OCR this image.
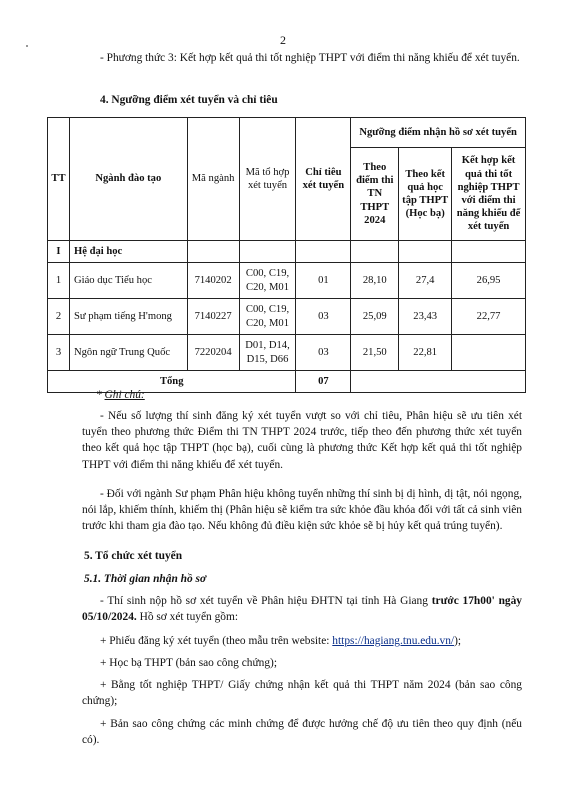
2

- Phương thức 3: Kết hợp kết quả thi tốt nghiệp THPT với điểm thi năng khiếu để xét tuyển.

4. Ngưỡng điểm xét tuyển và chỉ tiêu

TT	Ngành đào tạo	Mã ngành	Mã tổ hợp xét tuyển	Chỉ tiêu xét tuyển	Ngưỡng điểm nhận hồ sơ xét tuyển		
					Theo điểm thi TN THPT 2024	Theo kết quả học tập THPT (Học bạ)	Kết hợp kết quả thi tốt nghiệp THPT với điểm thi năng khiếu để xét tuyển
I	Hệ đại học						
1	Giáo dục Tiểu học	7140202	C00, C19, C20, M01	01	28,10	27,4	26,95
2	Sư phạm tiếng H'mong	7140227	C00, C19, C20, M01	03	25,09	23,43	22,77
3	Ngôn ngữ Trung Quốc	7220204	D01, D14, D15, D66	03	21,50	22,81	
Tổng				07			

* Ghi chú:

- Nếu số lượng thí sinh đăng ký xét tuyển vượt so với chỉ tiêu, Phân hiệu sẽ ưu tiên xét tuyển theo phương thức Điểm thi TN THPT 2024 trước, tiếp theo đến phương thức xét tuyển theo kết quả học tập THPT (học bạ), cuối cùng là phương thức Kết hợp kết quả thi tốt nghiệp THPT với điểm thi năng khiếu để xét tuyển.

- Đối với ngành Sư phạm Phân hiệu không tuyển những thí sinh bị dị hình, dị tật, nói ngọng, nói lắp, khiếm thính, khiếm thị (Phân hiệu sẽ kiểm tra sức khỏe đầu khóa đối với tất cả sinh viên trước khi tham gia đào tạo. Nếu không đủ điều kiện sức khỏe sẽ bị hủy kết quả trúng tuyển).

5. Tổ chức xét tuyển

5.1. Thời gian nhận hồ sơ

- Thí sinh nộp hồ sơ xét tuyển về Phân hiệu ĐHTN tại tỉnh Hà Giang trước 17h00' ngày 05/10/2024. Hồ sơ xét tuyển gồm:

+ Phiếu đăng ký xét tuyển (theo mẫu trên website: https://hagiang.tnu.edu.vn/);

+ Học bạ THPT (bản sao công chứng);

+ Bằng tốt nghiệp THPT/ Giấy chứng nhận kết quả thi THPT năm 2024 (bản sao công chứng);

+ Bản sao công chứng các minh chứng để được hưởng chế độ ưu tiên theo quy định (nếu có).
